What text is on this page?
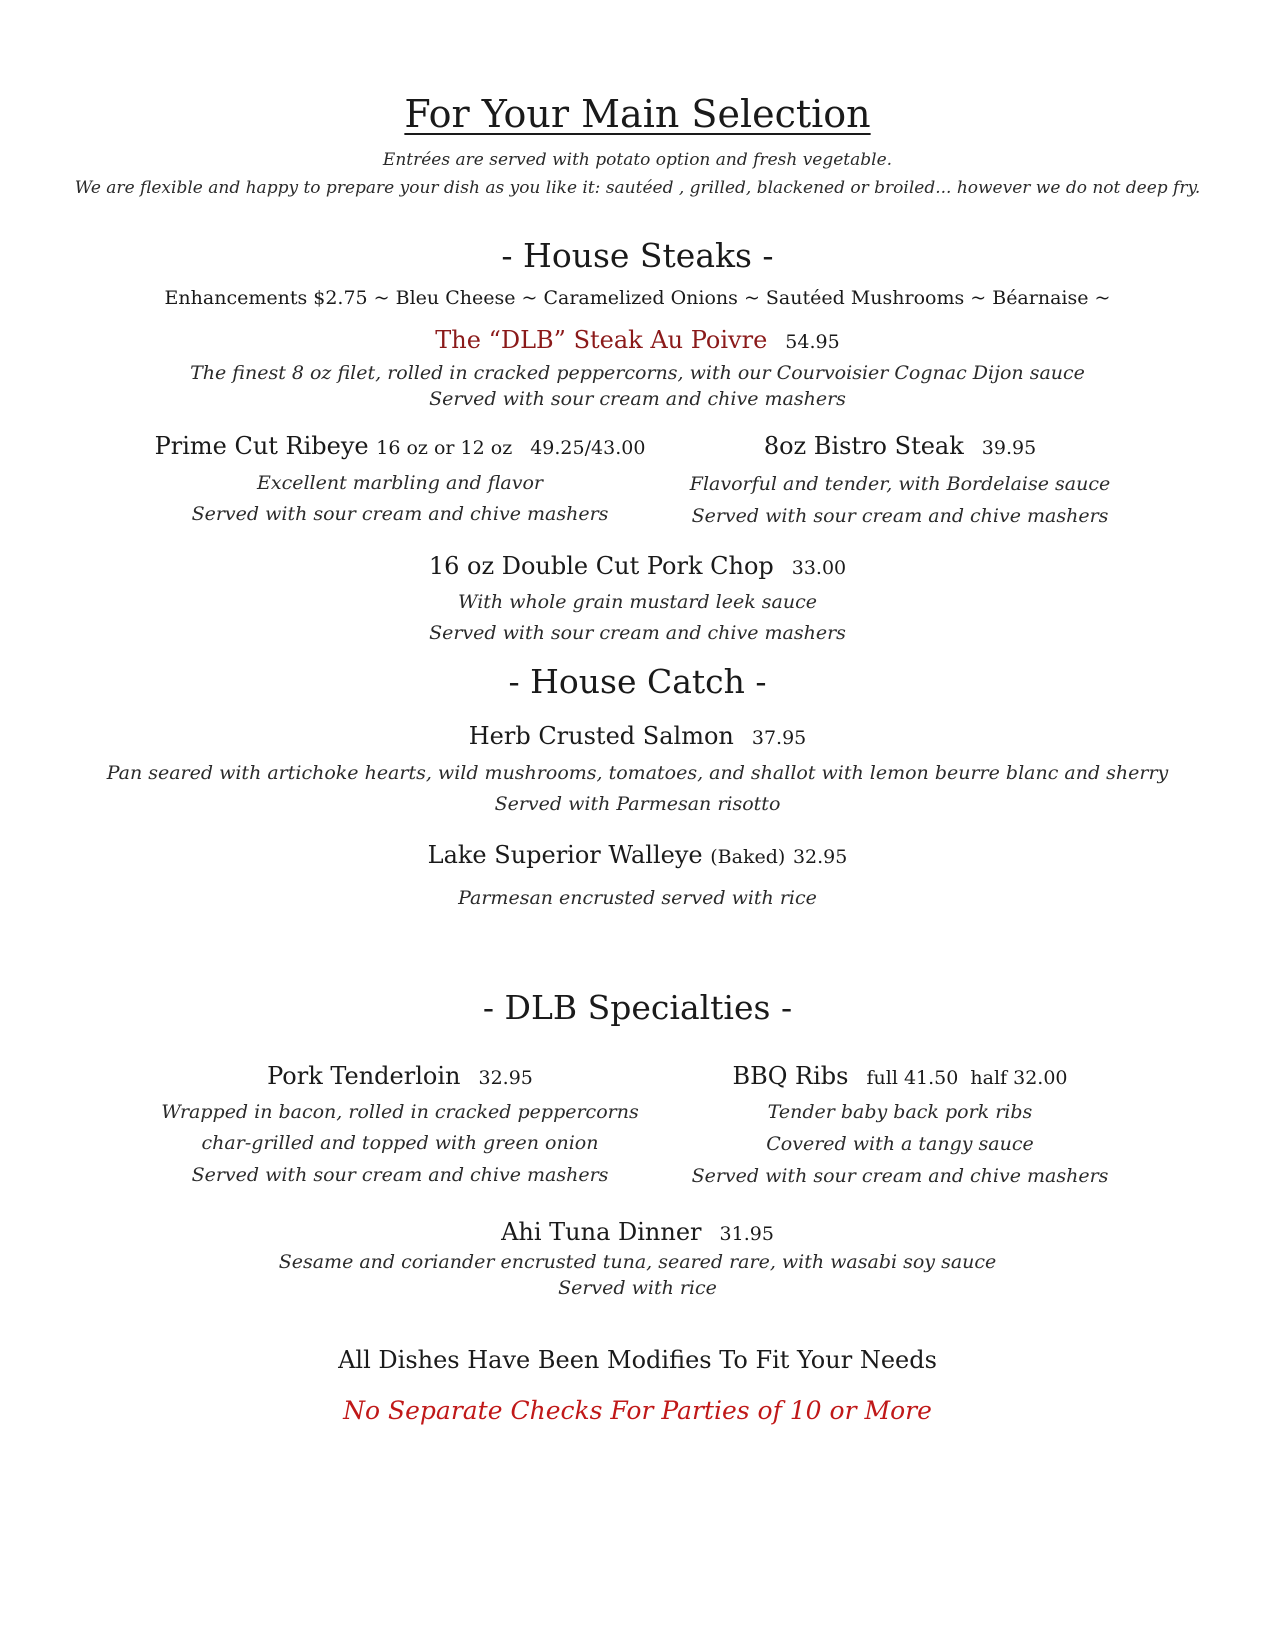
For Your Main Selection
Entrées are served with potato option and fresh vegetable.
We are flexible and happy to prepare your dish as you like it: sautéed , grilled, blackened or broiled... however we do not deep fry.
- House Steaks -
Enhancements $2.75 ~ Bleu Cheese ~ Caramelized Onions ~ Sautéed Mushrooms ~ Béarnaise ~
The “DLB” Steak Au Poivre 54.95
The finest 8 oz filet, rolled in cracked peppercorns, with our Courvoisier Cognac Dijon sauce
Served with sour cream and chive mashers
Prime Cut Ribeye 16 oz or 12 oz 49.25/43.00
Excellent marbling and flavor
Served with sour cream and chive mashers
8oz Bistro Steak 39.95
Flavorful and tender, with Bordelaise sauce
Served with sour cream and chive mashers
16 oz Double Cut Pork Chop 33.00
With whole grain mustard leek sauce
Served with sour cream and chive mashers
- House Catch -
Herb Crusted Salmon 37.95
Pan seared with artichoke hearts, wild mushrooms, tomatoes, and shallot with lemon beurre blanc and sherry
Served with Parmesan risotto
Lake Superior Walleye (Baked) 32.95
Parmesan encrusted served with rice
- DLB Specialties -
Pork Tenderloin 32.95
Wrapped in bacon, rolled in cracked peppercorns
char-grilled and topped with green onion
Served with sour cream and chive mashers
BBQ Ribs full 41.50  half 32.00
Tender baby back pork ribs
Covered with a tangy sauce
Served with sour cream and chive mashers
Ahi Tuna Dinner 31.95
Sesame and coriander encrusted tuna, seared rare, with wasabi soy sauce
Served with rice
All Dishes Have Been Modifies To Fit Your Needs
No Separate Checks For Parties of 10 or More
